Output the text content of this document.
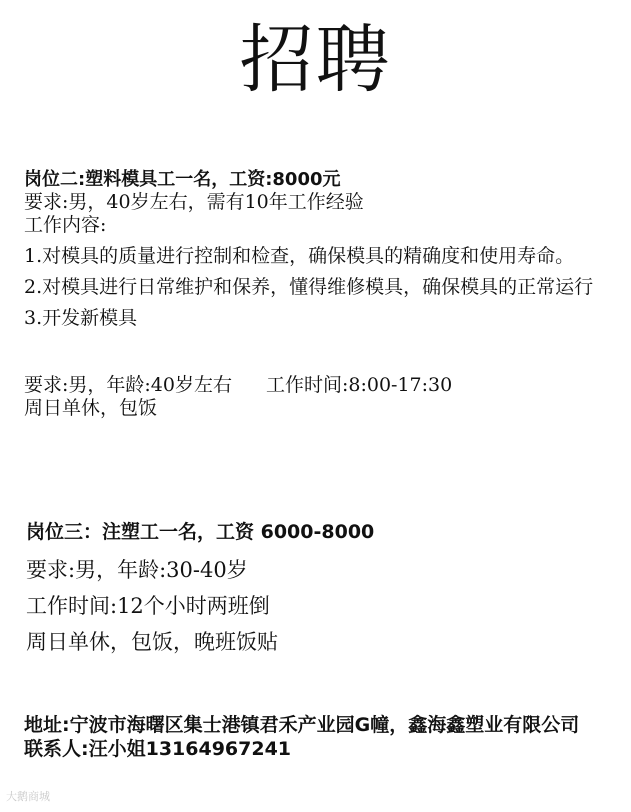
招聘
岗位二:塑料模具工一名，工资:8000元
要求:男，40岁左右，需有10年工作经验
工作内容:
1.对模具的质量进行控制和检查，确保模具的精确度和使用寿命。
2.对模具进行日常维护和保养，懂得维修模具，确保模具的正常运行
3.开发新模具
要求:男，年龄:40岁左右 工作时间:8:00-17:30
周日单休，包饭
岗位三：注塑工一名，工资 6000-8000
要求:男，年龄:30-40岁
工作时间:12个小时两班倒
周日单休，包饭，晚班饭贴
地址:宁波市海曙区集士港镇君禾产业园G幢，鑫海鑫塑业有限公司
联系人:汪小姐13164967241
大鹅商城
